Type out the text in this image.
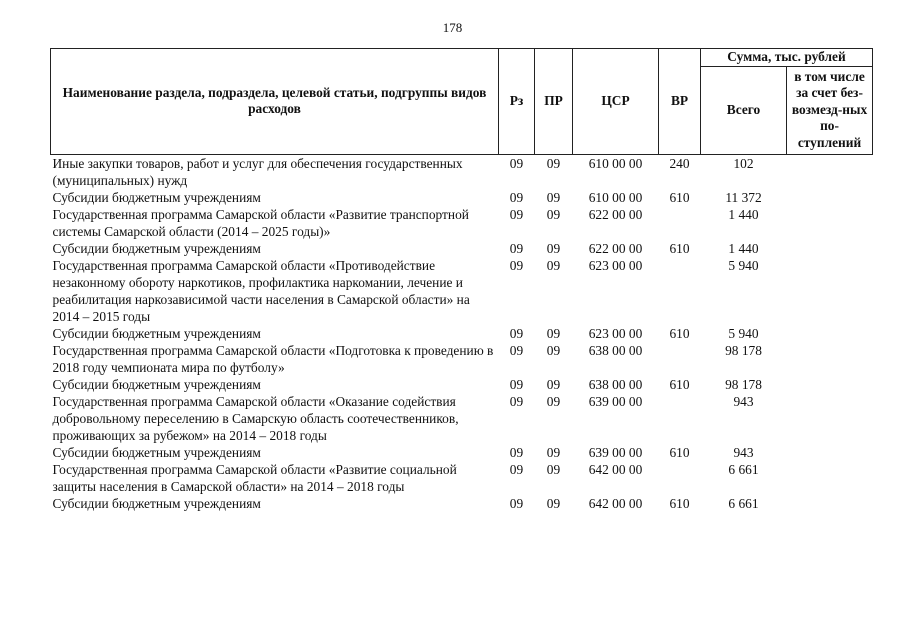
178
Наименование раздела, подраздела, целевой статьи, подгруппы видов расходов	Рз	ПР	ЦСР	ВР	Сумма, тыс. рублей	
					Всего	в том числе за счет без-возмезд-ных по-ступлений
Иные закупки товаров, работ и услуг для обеспечения государственных (муниципальных) нужд	09	09	610 00 00	240	102	
Субсидии бюджетным учреждениям	09	09	610 00 00	610	11 372	
Государственная программа Самарской области «Развитие транспортной системы Самарской области (2014 – 2025 годы)»	09	09	622 00 00		1 440	
Субсидии бюджетным учреждениям	09	09	622 00 00	610	1 440	
Государственная программа Самарской области «Противодействие незаконному обороту наркотиков, профилактика наркомании, лечение и реабилитация наркозависимой части населения в Самарской области» на 2014 – 2015 годы	09	09	623 00 00		5 940	
Субсидии бюджетным учреждениям	09	09	623 00 00	610	5 940	
Государственная программа Самарской области «Подготовка к проведению в 2018 году чемпионата мира по футболу»	09	09	638 00 00		98 178	
Субсидии бюджетным учреждениям	09	09	638 00 00	610	98 178	
Государственная программа Самарской области «Оказание содействия добровольному переселению в Самарскую область соотечественников, проживающих за рубежом» на 2014 – 2018 годы	09	09	639 00 00		943	
Субсидии бюджетным учреждениям	09	09	639 00 00	610	943	
Государственная программа Самарской области «Развитие социальной защиты населения в Самарской области» на 2014 – 2018 годы	09	09	642 00 00		6 661	
Субсидии бюджетным учреждениям	09	09	642 00 00	610	6 661	
